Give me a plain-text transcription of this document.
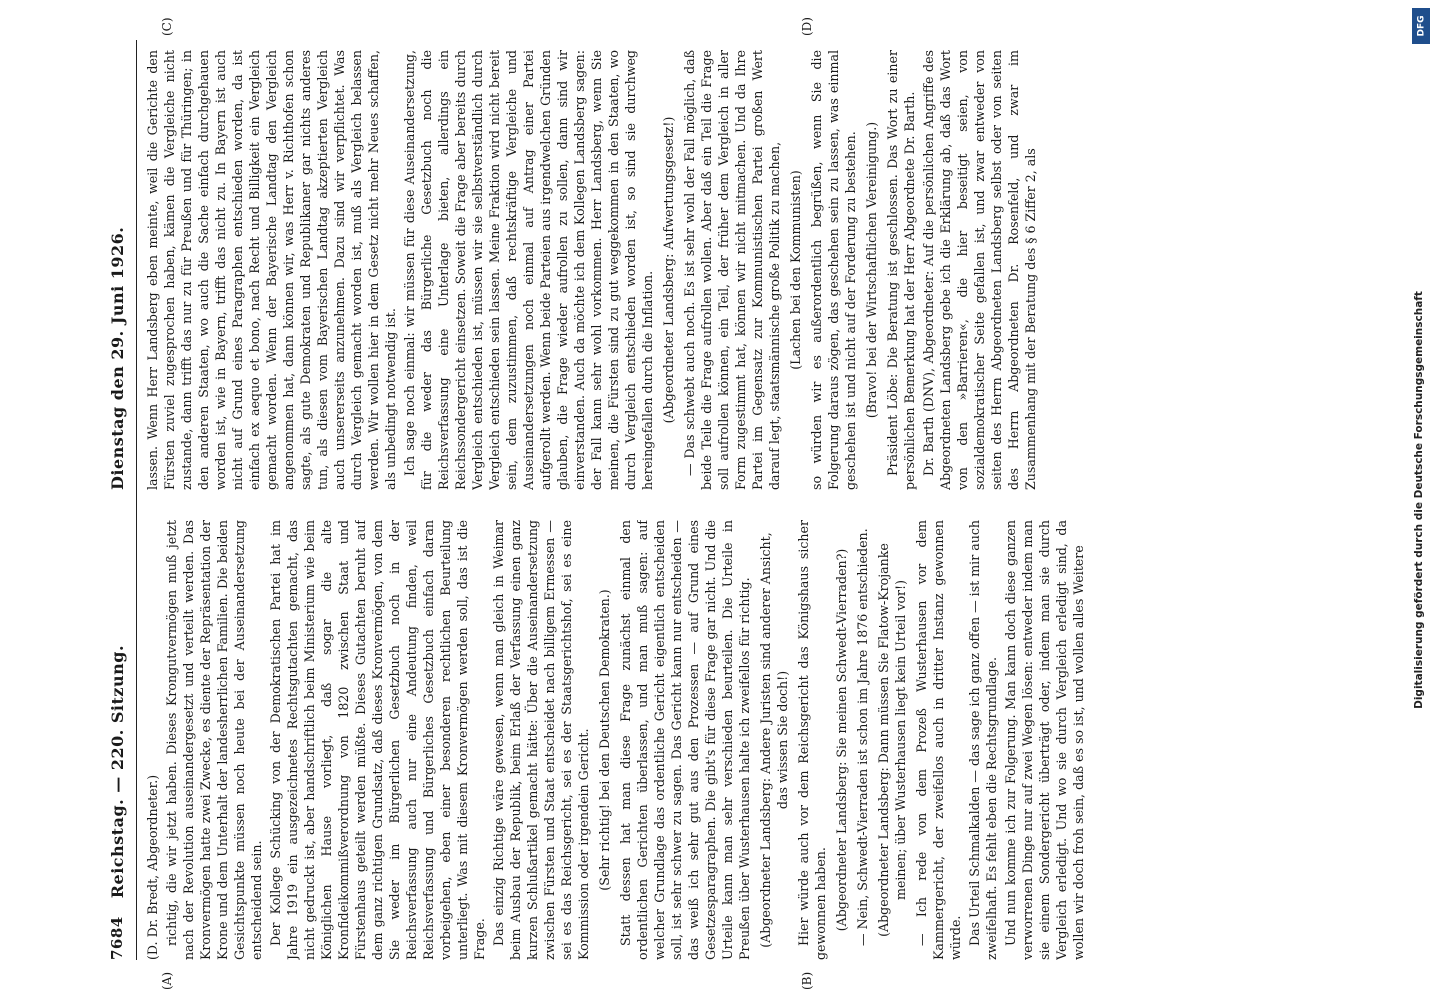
7684
Reichstag. — 220. Sitzung.
Dienstag den 29. Juni 1926.
(A)	(B)
(C)	(D)

(D. Dr. Bredt, Abgeordneter.) richtig, die wir jetzt haben. Dieses Krongutvermögen muß jetzt nach der Revolution auseinandergesetzt und verteilt werden. Das Kronvermögen hatte zwei Zwecke, es diente der Repräsentation der Krone und dem Unterhalt der landesherrlichen Familien. Die beiden Gesichtspunkte müssen noch heute bei der Auseinandersetzung entscheidend sein. Der Kollege Schücking von der Demokratischen Partei hat im Jahre 1919 ein ausgezeichnetes Rechtsgutachten gemacht, das nicht gedruckt ist, aber handschriftlich beim Ministerium wie beim Königlichen Hause vorliegt, daß sogar die alte Kronfideikommißverordnung von 1820 zwischen Staat und Fürstenhaus geteilt werden müßte. Dieses Gutachten beruht auf dem ganz richtigen Grundsatz, daß dieses Kronvermögen, von dem Sie weder im Bürgerlichen Gesetzbuch noch in der Reichsverfassung auch nur eine Andeutung finden, weil Reichsverfassung und Bürgerliches Gesetzbuch einfach daran vorbeigehen, eben einer besonderen rechtlichen Beurteilung unterliegt. Was mit diesem Kronvermögen werden soll, das ist die Frage. Das einzig Richtige wäre gewesen, wenn man gleich in Weimar beim Ausbau der Republik, beim Erlaß der Verfassung einen ganz kurzen Schlußartikel gemacht hätte: Über die Auseinandersetzung zwischen Fürsten und Staat entscheidet nach billigem Ermessen — sei es das Reichsgericht, sei es der Staatsgerichtshof, sei es eine Kommission oder irgendein Gericht. (Sehr richtig! bei den Deutschen Demokraten.) Statt dessen hat man diese Frage zunächst einmal den ordentlichen Gerichten überlassen, und man muß sagen: auf welcher Grundlage das ordentliche Gericht eigentlich entscheiden soll, ist sehr schwer zu sagen. Das Gericht kann nur entscheiden — das weiß ich sehr gut aus den Prozessen — auf Grund eines Gesetzesparagraphen. Die gibt's für diese Frage gar nicht. Und die Urteile kann man sehr verschieden beurteilen. Die Urteile in Preußen über Wusterhausen halte ich zweifellos für richtig. (Abgeordneter Landsberg: Andere Juristen sind anderer Ansicht, das wissen Sie doch!) Hier würde auch vor dem Reichsgericht das Königshaus sicher gewonnen haben. (Abgeordneter Landsberg: Sie meinen Schwedt-Vierraden?) — Nein, Schwedt-Vierraden ist schon im Jahre 1876 entschieden. (Abgeordneter Landsberg: Dann müssen Sie Flatow-Krojanke meinen; über Wusterhausen liegt kein Urteil vor!) — Ich rede von dem Prozeß Wusterhausen vor dem Kammergericht, der zweifellos auch in dritter Instanz gewonnen würde. Das Urteil Schmalkalden — das sage ich ganz offen — ist mir auch zweifelhaft. Es fehlt eben die Rechtsgrundlage. Und nun komme ich zur Folgerung. Man kann doch diese ganzen verworrenen Dinge nur auf zwei Wegen lösen: entweder indem man sie einem Sondergericht überträgt oder, indem man sie durch Vergleich erledigt. Und wo sie durch Vergleich erledigt sind, da wollen wir doch froh sein, daß es so ist, und wollen alles Weitere

lassen. Wenn Herr Landsberg eben meinte, weil die Gerichte den Fürsten zuviel zugesprochen haben, kämen die Vergleiche nicht zustande, dann trifft das nur zu für Preußen und für Thüringen; in den anderen Staaten, wo auch die Sache einfach durchgehauen worden ist, wie in Bayern, trifft das nicht zu. In Bayern ist auch nicht auf Grund eines Paragraphen entschieden worden, da ist einfach ex aequo et bono, nach Recht und Billigkeit ein Vergleich gemacht worden. Wenn der Bayerische Landtag den Vergleich angenommen hat, dann können wir, was Herr v. Richthofen schon sagte, als gute Demokraten und Republikaner gar nichts anderes tun, als diesen vom Bayerischen Landtag akzeptierten Vergleich auch unsererseits anzunehmen. Dazu sind wir verpflichtet. Was durch Vergleich gemacht worden ist, muß als Vergleich belassen werden. Wir wollen hier in dem Gesetz nicht mehr Neues schaffen, als unbedingt notwendig ist. Ich sage noch einmal: wir müssen für diese Auseinandersetzung, für die weder das Bürgerliche Gesetzbuch noch die Reichsverfassung eine Unterlage bieten, allerdings ein Reichssondergericht einsetzen. Soweit die Frage aber bereits durch Vergleich entschieden ist, müssen wir sie selbstverständlich durch Vergleich entschieden sein lassen. Meine Fraktion wird nicht bereit sein, dem zuzustimmen, daß rechtskräftige Vergleiche und Auseinandersetzungen noch einmal auf Antrag einer Partei aufgerollt werden. Wenn beide Parteien aus irgendwelchen Gründen glauben, die Frage wieder aufrollen zu sollen, dann sind wir einverstanden. Auch da möchte ich dem Kollegen Landsberg sagen: der Fall kann sehr wohl vorkommen. Herr Landsberg, wenn Sie meinen, die Fürsten sind zu gut weggekommen in den Staaten, wo durch Vergleich entschieden worden ist, so sind sie durchweg hereingefallen durch die Inflation. (Abgeordneter Landsberg: Aufwertungsgesetz!) — Das schwebt auch noch. Es ist sehr wohl der Fall möglich, daß beide Teile die Frage aufrollen wollen. Aber daß ein Teil die Frage soll aufrollen können, ein Teil, der früher dem Vergleich in aller Form zugestimmt hat, können wir nicht mitmachen. Und da Ihre Partei im Gegensatz zur Kommunistischen Partei großen Wert darauf legt, staatsmännische große Politik zu machen, (Lachen bei den Kommunisten) so würden wir es außerordentlich begrüßen, wenn Sie die Folgerung daraus zögen, das geschehen sein zu lassen, was einmal geschehen ist und nicht auf der Forderung zu bestehen. (Bravo! bei der Wirtschaftlichen Vereinigung.) Präsident Löbe: Die Beratung ist geschlossen. Das Wort zu einer persönlichen Bemerkung hat der Herr Abgeordnete Dr. Barth. Dr. Barth (DNV), Abgeordneter: Auf die persönlichen Angriffe des Abgeordneten Landsberg gebe ich die Erklärung ab, daß das Wort von den »Barrieren«, die hier beseitigt seien, von sozialdemokratischer Seite gefallen ist, und zwar entweder von seiten des Herrn Abgeordneten Landsberg selbst oder von seiten des Herrn Abgeordneten Dr. Rosenfeld, und zwar im Zusammenhang mit der Beratung des § 6 Ziffer 2, als

DFG
Digitalisierung gefördert durch die Deutsche Forschungsgemeinschaft
